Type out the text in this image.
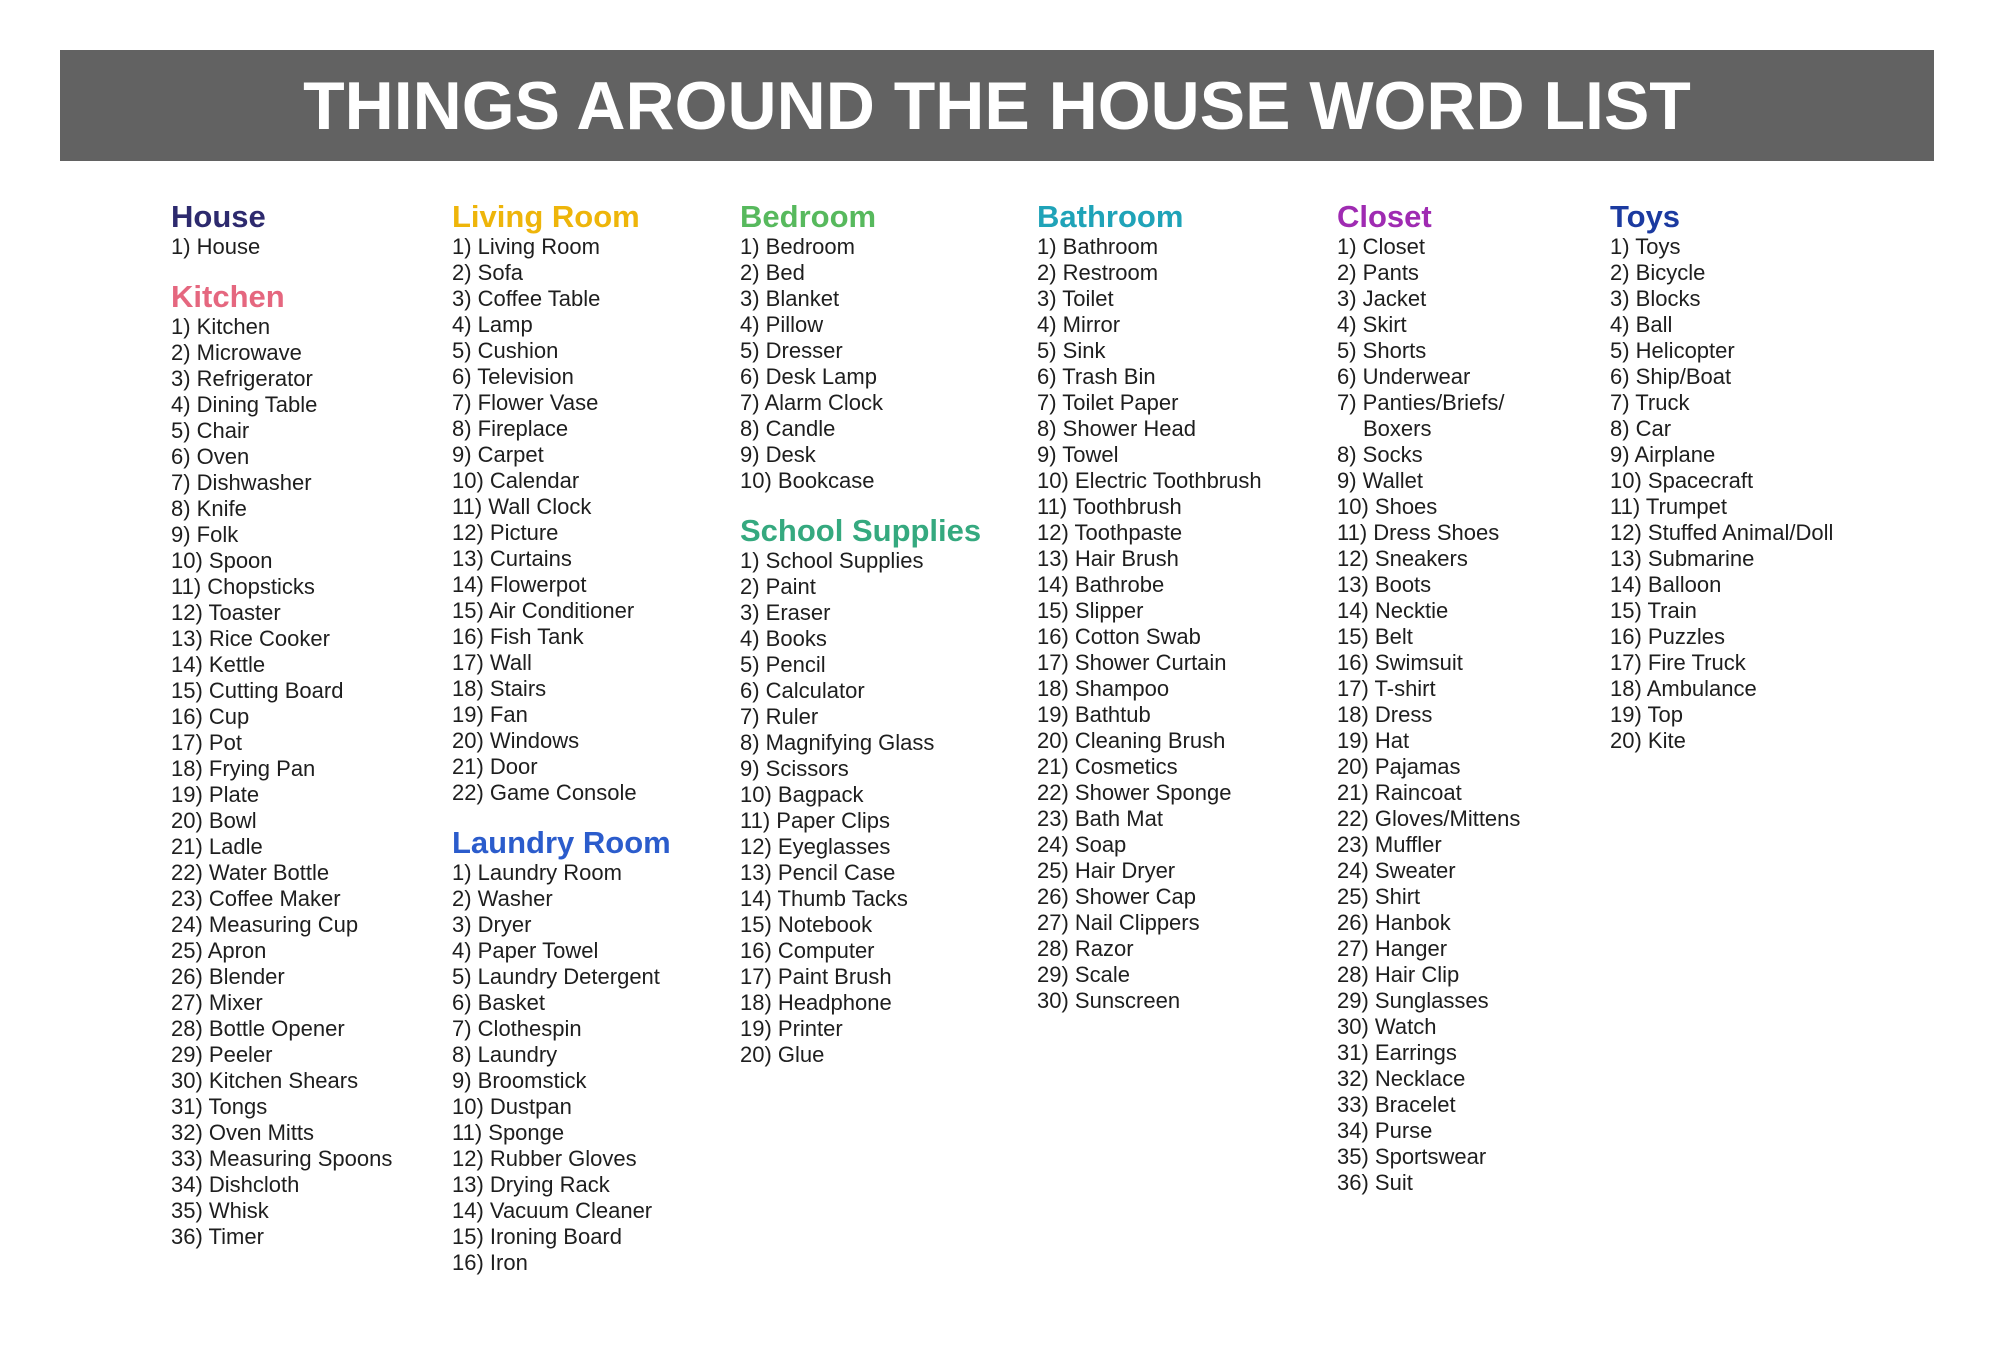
THINGS AROUND THE HOUSE WORD LIST
House
1) House
Kitchen
1) Kitchen
2) Microwave
3) Refrigerator
4) Dining Table
5) Chair
6) Oven
7) Dishwasher
8) Knife
9) Folk
10) Spoon
11) Chopsticks
12) Toaster
13) Rice Cooker
14) Kettle
15) Cutting Board
16) Cup
17) Pot
18) Frying Pan
19) Plate
20) Bowl
21) Ladle
22) Water Bottle
23) Coffee Maker
24) Measuring Cup
25) Apron
26) Blender
27) Mixer
28) Bottle Opener
29) Peeler
30) Kitchen Shears
31) Tongs
32) Oven Mitts
33) Measuring Spoons
34) Dishcloth
35) Whisk
36) Timer
Living Room
1) Living Room
2) Sofa
3) Coffee Table
4) Lamp
5) Cushion
6) Television
7) Flower Vase
8) Fireplace
9) Carpet
10) Calendar
11) Wall Clock
12) Picture
13) Curtains
14) Flowerpot
15) Air Conditioner
16) Fish Tank
17) Wall
18) Stairs
19) Fan
20) Windows
21) Door
22) Game Console
Laundry Room
1) Laundry Room
2) Washer
3) Dryer
4) Paper Towel
5) Laundry Detergent
6) Basket
7) Clothespin
8) Laundry
9) Broomstick
10) Dustpan
11) Sponge
12) Rubber Gloves
13) Drying Rack
14) Vacuum Cleaner
15) Ironing Board
16) Iron
Bedroom
1) Bedroom
2) Bed
3) Blanket
4) Pillow
5) Dresser
6) Desk Lamp
7) Alarm Clock
8) Candle
9) Desk
10) Bookcase
School Supplies
1) School Supplies
2) Paint
3) Eraser
4) Books
5) Pencil
6) Calculator
7) Ruler
8) Magnifying Glass
9) Scissors
10) Bagpack
11) Paper Clips
12) Eyeglasses
13) Pencil Case
14) Thumb Tacks
15) Notebook
16) Computer
17) Paint Brush
18) Headphone
19) Printer
20) Glue
Bathroom
1) Bathroom
2) Restroom
3) Toilet
4) Mirror
5) Sink
6) Trash Bin
7) Toilet Paper
8) Shower Head
9) Towel
10) Electric Toothbrush
11) Toothbrush
12) Toothpaste
13) Hair Brush
14) Bathrobe
15) Slipper
16) Cotton Swab
17) Shower Curtain
18) Shampoo
19) Bathtub
20) Cleaning Brush
21) Cosmetics
22) Shower Sponge
23) Bath Mat
24) Soap
25) Hair Dryer
26) Shower Cap
27) Nail Clippers
28) Razor
29) Scale
30) Sunscreen
Closet
1) Closet
2) Pants
3) Jacket
4) Skirt
5) Shorts
6) Underwear
7) Panties/Briefs/
Boxers
8) Socks
9) Wallet
10) Shoes
11) Dress Shoes
12) Sneakers
13) Boots
14) Necktie
15) Belt
16) Swimsuit
17) T-shirt
18) Dress
19) Hat
20) Pajamas
21) Raincoat
22) Gloves/Mittens
23) Muffler
24) Sweater
25) Shirt
26) Hanbok
27) Hanger
28) Hair Clip
29) Sunglasses
30) Watch
31) Earrings
32) Necklace
33) Bracelet
34) Purse
35) Sportswear
36) Suit
Toys
1) Toys
2) Bicycle
3) Blocks
4) Ball
5) Helicopter
6) Ship/Boat
7) Truck
8) Car
9) Airplane
10) Spacecraft
11) Trumpet
12) Stuffed Animal/Doll
13) Submarine
14) Balloon
15) Train
16) Puzzles
17) Fire Truck
18) Ambulance
19) Top
20) Kite
